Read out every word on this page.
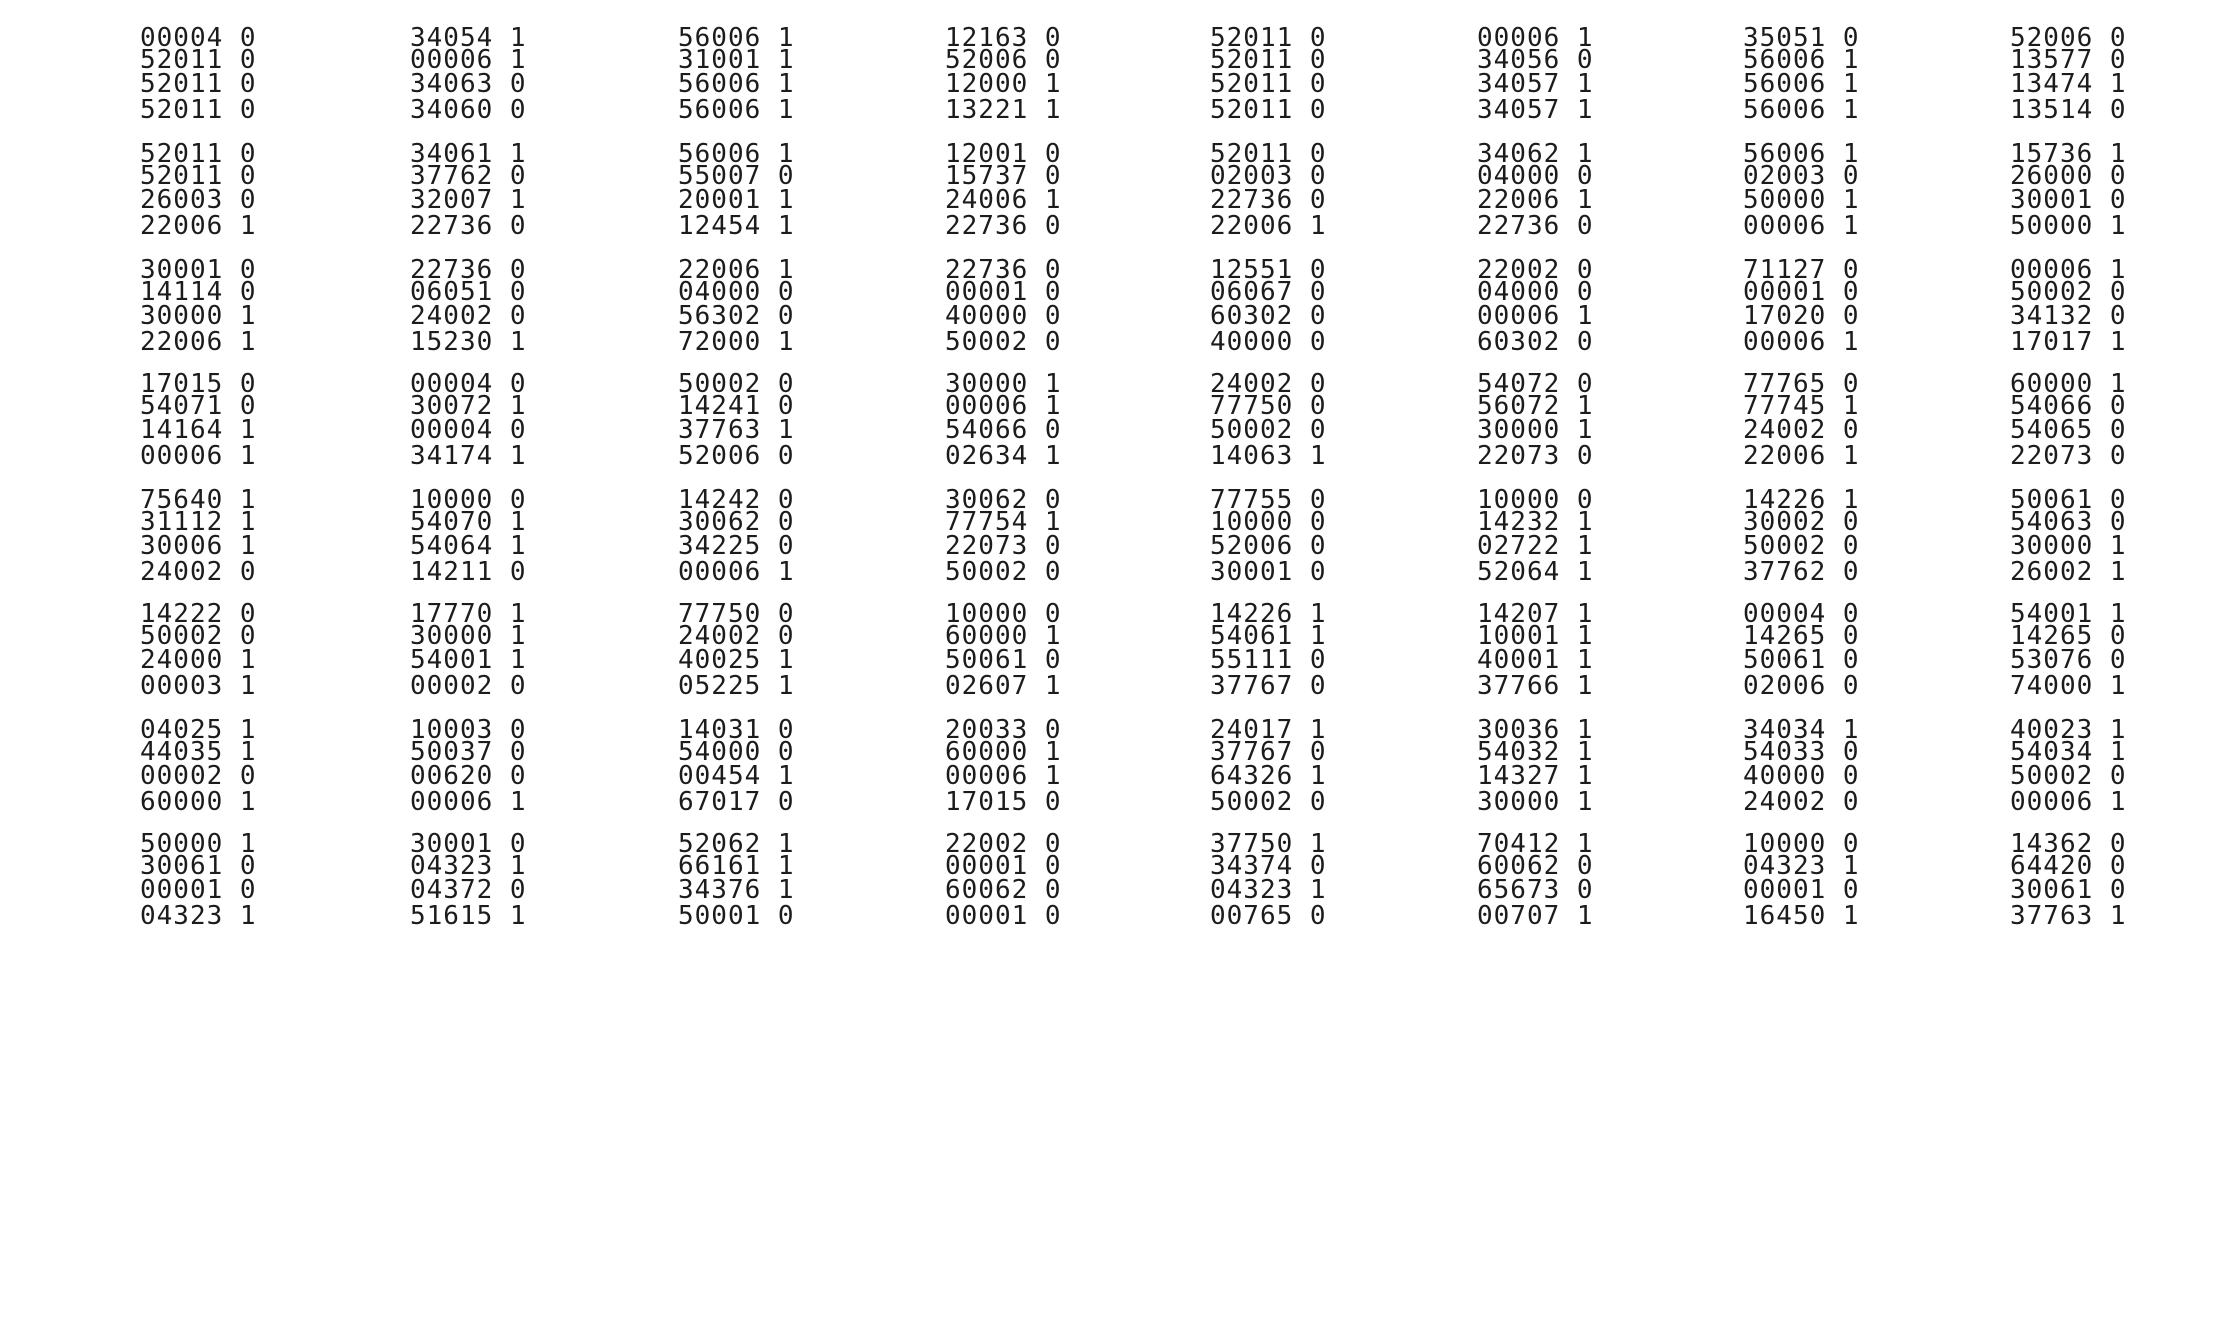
00004 0	34054 1	56006 1	12163 0	52011 0	00006 1	35051 0	52006 0
52011 0	00006 1	31001 1	52006 0	52011 0	34056 0	56006 1	13577 0
52011 0	34063 0	56006 1	12000 1	52011 0	34057 1	56006 1	13474 1
52011 0	34060 0	56006 1	13221 1	52011 0	34057 1	56006 1	13514 0
52011 0	34061 1	56006 1	12001 0	52011 0	34062 1	56006 1	15736 1
52011 0	37762 0	55007 0	15737 0	02003 0	04000 0	02003 0	26000 0
26003 0	32007 1	20001 1	24006 1	22736 0	22006 1	50000 1	30001 0
22006 1	22736 0	12454 1	22736 0	22006 1	22736 0	00006 1	50000 1
30001 0	22736 0	22006 1	22736 0	12551 0	22002 0	71127 0	00006 1
14114 0	06051 0	04000 0	00001 0	06067 0	04000 0	00001 0	50002 0
30000 1	24002 0	56302 0	40000 0	60302 0	00006 1	17020 0	34132 0
22006 1	15230 1	72000 1	50002 0	40000 0	60302 0	00006 1	17017 1
17015 0	00004 0	50002 0	30000 1	24002 0	54072 0	77765 0	60000 1
54071 0	30072 1	14241 0	00006 1	77750 0	56072 1	77745 1	54066 0
14164 1	00004 0	37763 1	54066 0	50002 0	30000 1	24002 0	54065 0
00006 1	34174 1	52006 0	02634 1	14063 1	22073 0	22006 1	22073 0
75640 1	10000 0	14242 0	30062 0	77755 0	10000 0	14226 1	50061 0
31112 1	54070 1	30062 0	77754 1	10000 0	14232 1	30002 0	54063 0
30006 1	54064 1	34225 0	22073 0	52006 0	02722 1	50002 0	30000 1
24002 0	14211 0	00006 1	50002 0	30001 0	52064 1	37762 0	26002 1
14222 0	17770 1	77750 0	10000 0	14226 1	14207 1	00004 0	54001 1
50002 0	30000 1	24002 0	60000 1	54061 1	10001 1	14265 0	14265 0
24000 1	54001 1	40025 1	50061 0	55111 0	40001 1	50061 0	53076 0
00003 1	00002 0	05225 1	02607 1	37767 0	37766 1	02006 0	74000 1
04025 1	10003 0	14031 0	20033 0	24017 1	30036 1	34034 1	40023 1
44035 1	50037 0	54000 0	60000 1	37767 0	54032 1	54033 0	54034 1
00002 0	00620 0	00454 1	00006 1	64326 1	14327 1	40000 0	50002 0
60000 1	00006 1	67017 0	17015 0	50002 0	30000 1	24002 0	00006 1
50000 1	30001 0	52062 1	22002 0	37750 1	70412 1	10000 0	14362 0
30061 0	04323 1	66161 1	00001 0	34374 0	60062 0	04323 1	64420 0
00001 0	04372 0	34376 1	60062 0	04323 1	65673 0	00001 0	30061 0
04323 1	51615 1	50001 0	00001 0	00765 0	00707 1	16450 1	37763 1
